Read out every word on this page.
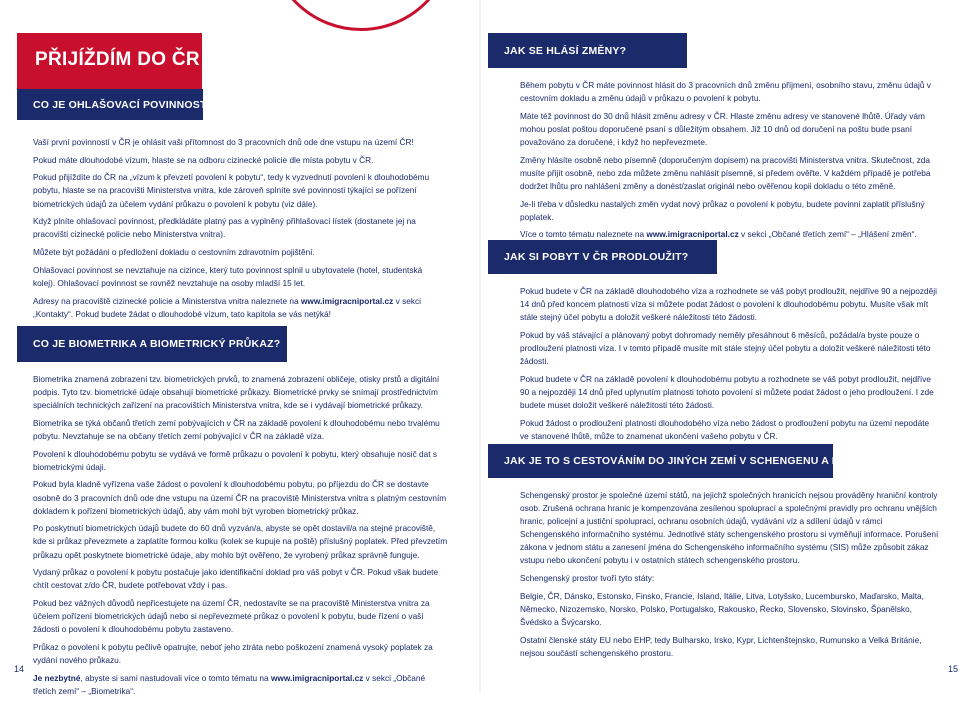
PŘIJÍŽDÍM DO ČR
CO JE OHLAŠOVACÍ POVINNOST?

Vaší první povinností v ČR je ohlásit vaši přítomnost do 3 pracovních dnů ode dne vstupu na území ČR!

Pokud máte dlouhodobé vízum, hlaste se na odboru cizinecké policie dle místa pobytu v ČR.

Pokud přijíždíte do ČR na „vízum k převzetí povolení k pobytu“, tedy k vyzvednutí povolení k dlouhodobému pobytu, hlaste se na pracovišti Ministerstva vnitra, kde zároveň splníte své povinnosti týkající se pořízení biometrických údajů za účelem vydání průkazu o povolení k pobytu (viz dále).

Když plníte ohlašovací povinnost, předkládáte platný pas a vyplněný přihlašovací lístek (dostanete jej na pracovišti cizinecké policie nebo Ministerstva vnitra).

Můžete být požádáni o předložení dokladu o cestovním zdravotním pojištění.

Ohlašovací povinnost se nevztahuje na cizince, který tuto povinnost splnil u ubytovatele (hotel, studentská kolej). Ohlašovací povinnost se rovněž nevztahuje na osoby mladší 15 let.

Adresy na pracoviště cizinecké policie a Ministerstva vnitra naleznete na www.imigracniportal.cz v sekci „Kontakty“. Pokud budete žádat o dlouhodobé vízum, tato kapitola se vás netýká!

CO JE BIOMETRIKA A BIOMETRICKÝ PRŮKAZ?

Biometrika znamená zobrazení tzv. biometrických prvků, to znamená zobrazení obličeje, otisky prstů a digitální podpis. Tyto tzv. biometrické údaje obsahují biometrické průkazy. Biometrické prvky se snímají prostřednictvím speciálních technických zařízení na pracovištích Ministerstva vnitra, kde se i vydávají biometrické průkazy.

Biometrika se týká občanů třetích zemí pobývajících v ČR na základě povolení k dlouhodobému nebo trvalému pobytu. Nevztahuje se na občany třetích zemí pobývající v ČR na základě víza.

Povolení k dlouhodobému pobytu se vydává ve formě průkazu o povolení k pobytu, který obsahuje nosič dat s biometrickými údaji.

Pokud byla kladně vyřízena vaše žádost o povolení k dlouhodobému pobytu, po příjezdu do ČR se dostavte osobně do 3 pracovních dnů ode dne vstupu na území ČR na pracoviště Ministerstva vnitra s platným cestovním dokladem k pořízení biometrických údajů, aby vám mohl být vyroben biometrický průkaz.

Po poskytnutí biometrických údajů budete do 60 dnů vyzván/a, abyste se opět dostavil/a na stejné pracoviště, kde si průkaz převezmete a zaplatíte formou kolku (kolek se kupuje na poště) příslušný poplatek. Před převzetím průkazu opět poskytnete biometrické údaje, aby mohlo být ověřeno, že vyrobený průkaz správně funguje.

Vydaný průkaz o povolení k pobytu postačuje jako identifikační doklad pro váš pobyt v ČR. Pokud však budete chtít cestovat z/do ČR, budete potřebovat vždy i pas.

Pokud bez vážných důvodů nepřicestujete na území ČR, nedostavíte se na pracoviště Ministerstva vnitra za účelem pořízení biometrických údajů nebo si nepřevezmete průkaz o povolení k pobytu, bude řízení o vaší žádosti o povolení k dlouhodobému pobytu zastaveno.

Průkaz o povolení k pobytu pečlivě opatrujte, neboť jeho ztráta nebo poškození znamená vysoký poplatek za vydání nového průkazu.

Je nezbytné, abyste si sami nastudovali více o tomto tématu na www.imigracniportal.cz v sekci „Občané třetích zemí“ – „Biometrika“.

14
JAK SE HLÁSÍ ZMĚNY?

Během pobytu v ČR máte povinnost hlásit do 3 pracovních dnů změnu příjmení, osobního stavu, změnu údajů v cestovním dokladu a změnu údajů v průkazu o povolení k pobytu.

Máte též povinnost do 30 dnů hlásit změnu adresy v ČR. Hlaste změnu adresy ve stanovené lhůtě. Úřady vám mohou poslat poštou doporučené psaní s důležitým obsahem. Již 10 dnů od doručení na poštu bude psaní považováno za doručené, i když ho nepřevezmete.

Změny hlásíte osobně nebo písemně (doporučeným dopisem) na pracovišti Ministerstva vnitra. Skutečnost, zda musíte přijít osobně, nebo zda můžete změnu nahlásit písemně, si předem ověřte. V každém případě je potřeba dodržet lhůtu pro nahlášení změny a donést/zaslat originál nebo ověřenou kopii dokladu o této změně.

Je-li třeba v důsledku nastalých změn vydat nový průkaz o povolení k pobytu, budete povinni zaplatit příslušný poplatek.

Více o tomto tématu naleznete na www.imigracniportal.cz v sekci „Občané třetích zemí“ – „Hlášení změn“.

JAK SI POBYT V ČR PRODLOUŽIT?

Pokud budete v ČR na základě dlouhodobého víza a rozhodnete se váš pobyt prodloužit, nejdříve 90 a nejpozději 14 dnů před koncem platnosti víza si můžete podat žádost o povolení k dlouhodobému pobytu. Musíte však mít stále stejný účel pobytu a doložit veškeré náležitosti této žádosti.

Pokud by váš stávající a plánovaný pobyt dohromady neměly přesáhnout 6 měsíců, požádal/a byste pouze o prodloužení platnosti víza. I v tomto případě musíte mít stále stejný účel pobytu a doložit veškeré náležitosti této žádosti.

Pokud budete v ČR na základě povolení k dlouhodobému pobytu a rozhodnete se váš pobyt prodloužit, nejdříve 90 a nejpozději 14 dnů před uplynutím platnosti tohoto povolení si můžete podat žádost o jeho prodloužení. I zde budete muset doložit veškeré náležitosti této žádosti.

Pokud žádost o prodloužení platnosti dlouhodobého víza nebo žádost o prodloužení pobytu na území nepodáte ve stanovené lhůtě, může to znamenat ukončení vašeho pobytu v ČR.

JAK JE TO S CESTOVÁNÍM DO JINÝCH ZEMÍ V SCHENGENU A EU?

Schengenský prostor je společné území států, na jejichž společných hranicích nejsou prováděny hraniční kontroly osob. Zrušená ochrana hranic je kompenzována zesílenou spoluprací a společnými pravidly pro ochranu vnějších hranic, policejní a justiční spoluprací, ochranu osobních údajů, vydávání víz a sdílení údajů v rámci Schengenského informačního systému. Jednotlivé státy schengenského prostoru si vyměňují informace. Porušení zákona v jednom státu a zanesení jména do Schengenského informačního systému (SIS) může způsobit zákaz vstupu nebo ukončení pobytu i v ostatních státech schengenského prostoru.

Schengenský prostor tvoří tyto státy:

Belgie, ČR, Dánsko, Estonsko, Finsko, Francie, Island, Itálie, Litva, Lotyšsko, Lucembursko, Maďarsko, Malta, Německo, Nizozemsko, Norsko, Polsko, Portugalsko, Rakousko, Řecko, Slovensko, Slovinsko, Španělsko, Švédsko a Švýcarsko.

Ostatní členské státy EU nebo EHP, tedy Bulharsko, Irsko, Kypr, Lichtenštejnsko, Rumunsko a Velká Británie, nejsou součástí schengenského prostoru.

15
